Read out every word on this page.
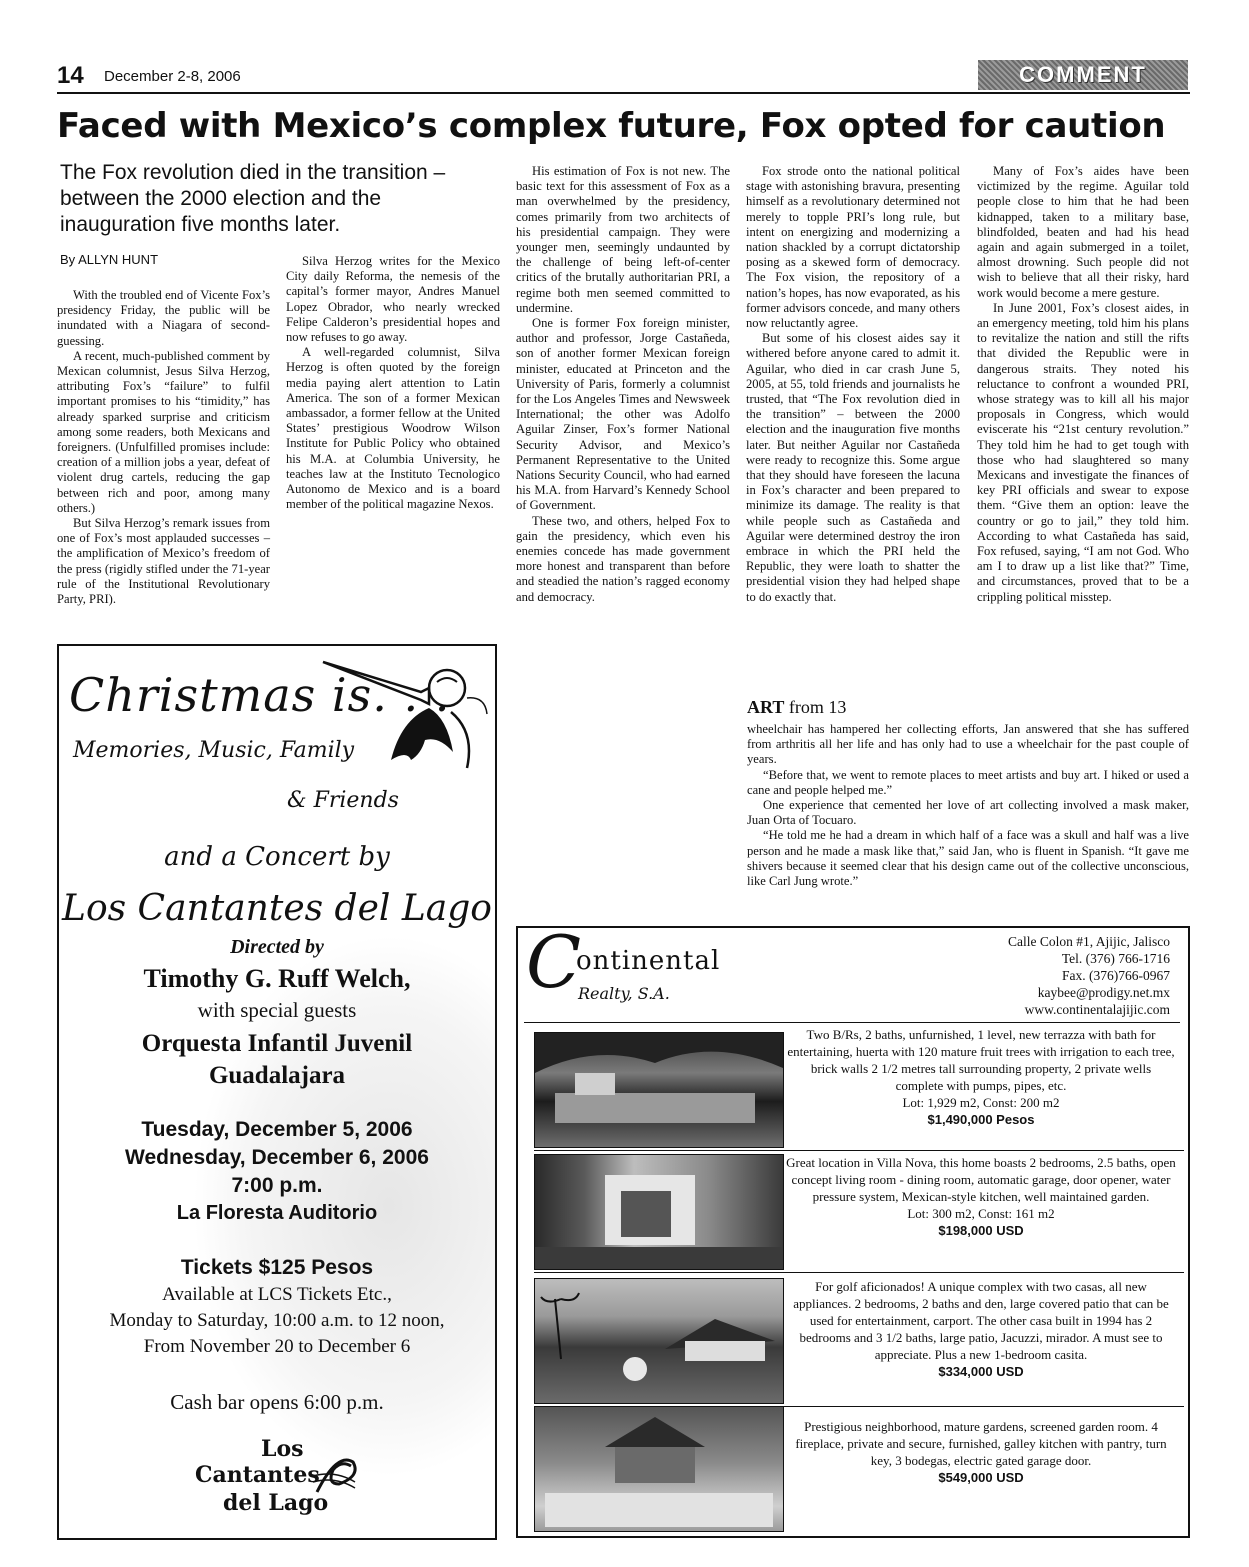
14 December 2-8, 2006	COMMENT
Faced with Mexico’s complex future, Fox opted for caution
The Fox revolution died in the transition – between the 2000 election and the inauguration five months later.
By ALLYN HUNT

With the troubled end of Vicente Fox’s presidency Friday, the public will be inundated with a Niagara of second-guessing.

A recent, much-published comment by Mexican columnist, Jesus Silva Herzog, attributing Fox’s “failure” to fulfil important promises to his “timidity,” has already sparked surprise and criticism among some readers, both Mexicans and foreigners. (Unfulfilled promises include: creation of a million jobs a year, defeat of violent drug cartels, reducing the gap between rich and poor, among many others.)

But Silva Herzog’s remark issues from one of Fox’s most applauded successes – the amplification of Mexico’s freedom of the press (rigidly stifled under the 71-year rule of the Institutional Revolutionary Party, PRI).

Silva Herzog writes for the Mexico City daily Reforma, the nemesis of the capital’s former mayor, Andres Manuel Lopez Obrador, who nearly wrecked Felipe Calderon’s presidential hopes and now refuses to go away.

A well-regarded columnist, Silva Herzog is often quoted by the foreign media paying alert attention to Latin America. The son of a former Mexican ambassador, a former fellow at the United States’ prestigious Woodrow Wilson Institute for Public Policy who obtained his M.A. at Columbia University, he teaches law at the Instituto Tecnologico Autonomo de Mexico and is a board member of the political magazine Nexos.

His estimation of Fox is not new. The basic text for this assessment of Fox as a man overwhelmed by the presidency, comes primarily from two architects of his presidential campaign. They were younger men, seemingly undaunted by the challenge of being left-of-center critics of the brutally authoritarian PRI, a regime both men seemed committed to undermine.

One is former Fox foreign minister, author and professor, Jorge Castañeda, son of another former Mexican foreign minister, educated at Princeton and the University of Paris, formerly a columnist for the Los Angeles Times and Newsweek International; the other was Adolfo Aguilar Zinser, Fox’s former National Security Advisor, and Mexico’s Permanent Representative to the United Nations Security Council, who had earned his M.A. from Harvard’s Kennedy School of Government.

These two, and others, helped Fox to gain the presidency, which even his enemies concede has made government more honest and transparent than before and steadied the nation’s ragged economy and democracy.

Fox strode onto the national political stage with astonishing bravura, presenting himself as a revolutionary determined not merely to topple PRI’s long rule, but intent on energizing and modernizing a nation shackled by a corrupt dictatorship posing as a skewed form of democracy. The Fox vision, the repository of a nation’s hopes, has now evaporated, as his former advisors concede, and many others now reluctantly agree.

But some of his closest aides say it withered before anyone cared to admit it. Aguilar, who died in car crash June 5, 2005, at 55, told friends and journalists he trusted, that “The Fox revolution died in the transition” – between the 2000 election and the inauguration five months later. But neither Aguilar nor Castañeda were ready to recognize this. Some argue that they should have foreseen the lacuna in Fox’s character and been prepared to minimize its damage. The reality is that while people such as Castañeda and Aguilar were determined destroy the iron embrace in which the PRI held the Republic, they were loath to shatter the presidential vision they had helped shape to do exactly that.

Many of Fox’s aides have been victimized by the regime. Aguilar told people close to him that he had been kidnapped, taken to a military base, blindfolded, beaten and had his head again and again submerged in a toilet, almost drowning. Such people did not wish to believe that all their risky, hard work would become a mere gesture.

In June 2001, Fox’s closest aides, in an emergency meeting, told him his plans to revitalize the nation and still the rifts that divided the Republic were in dangerous straits. They noted his reluctance to confront a wounded PRI, whose strategy was to kill all his major proposals in Congress, which would eviscerate his “21st century revolution.” They told him he had to get tough with those who had slaughtered so many Mexicans and investigate the finances of key PRI officials and swear to expose them. “Give them an option: leave the country or go to jail,” they told him. According to what Castañeda has said, Fox refused, saying, “I am not God. Who am I to draw up a list like that?” Time, and circumstances, proved that to be a crippling political misstep.

ART from 13

wheelchair has hampered her collecting efforts, Jan answered that she has suffered from arthritis all her life and has only had to use a wheelchair for the past couple of years.

“Before that, we went to remote places to meet artists and buy art. I hiked or used a cane and people helped me.”

One experience that cemented her love of art collecting involved a mask maker, Juan Orta of Tocuaro.

“He told me he had a dream in which half of a face was a skull and half was a live person and he made a mask like that,” said Jan, who is fluent in Spanish. “It gave me shivers because it seemed clear that his design came out of the collective unconscious, like Carl Jung wrote.”

Christmas is. . .
Memories, Music, Family
& Friends
and a Concert by
Los Cantantes del Lago
Directed by
Timothy G. Ruff Welch,
with special guests
Orquesta Infantil Juvenil
Guadalajara
Tuesday, December 5, 2006
Wednesday, December 6, 2006
7:00 p.m.
La Floresta Auditorio
Tickets $125 Pesos
Available at LCS Tickets Etc.,
Monday to Saturday, 10:00 a.m. to 12 noon,
From November 20 to December 6
Cash bar opens 6:00 p.m.
Los
Cantantes
del Lago
C
ontinental
Realty, S.A.
Calle Colon #1, Ajijic, Jalisco
Tel. (376) 766-1716
Fax. (376)766-0967
kaybee@prodigy.net.mx
www.continentalajijic.com
Two B/Rs, 2 baths, unfurnished, 1 level, new terrazza with bath for entertaining, huerta with 120 mature fruit trees with irrigation to each tree, brick walls 2 1/2 metres tall surrounding property, 2 private wells complete with pumps, pipes, etc.
Lot: 1,929 m2, Const: 200 m2
$1,490,000 Pesos
Great location in Villa Nova, this home boasts 2 bedrooms, 2.5 baths, open concept living room - dining room, automatic garage, door opener, water pressure system, Mexican-style kitchen, well maintained garden.
Lot: 300 m2, Const: 161 m2
$198,000 USD
For golf aficionados! A unique complex with two casas, all new appliances. 2 bedrooms, 2 baths and den, large covered patio that can be used for entertainment, carport. The other casa built in 1994 has 2 bedrooms and 3 1/2 baths, large patio, Jacuzzi, mirador. A must see to appreciate. Plus a new 1-bedroom casita.
$334,000 USD
Prestigious neighborhood, mature gardens, screened garden room. 4 fireplace, private and secure, furnished, galley kitchen with pantry, turn key, 3 bodegas, electric gated garage door.
$549,000 USD
